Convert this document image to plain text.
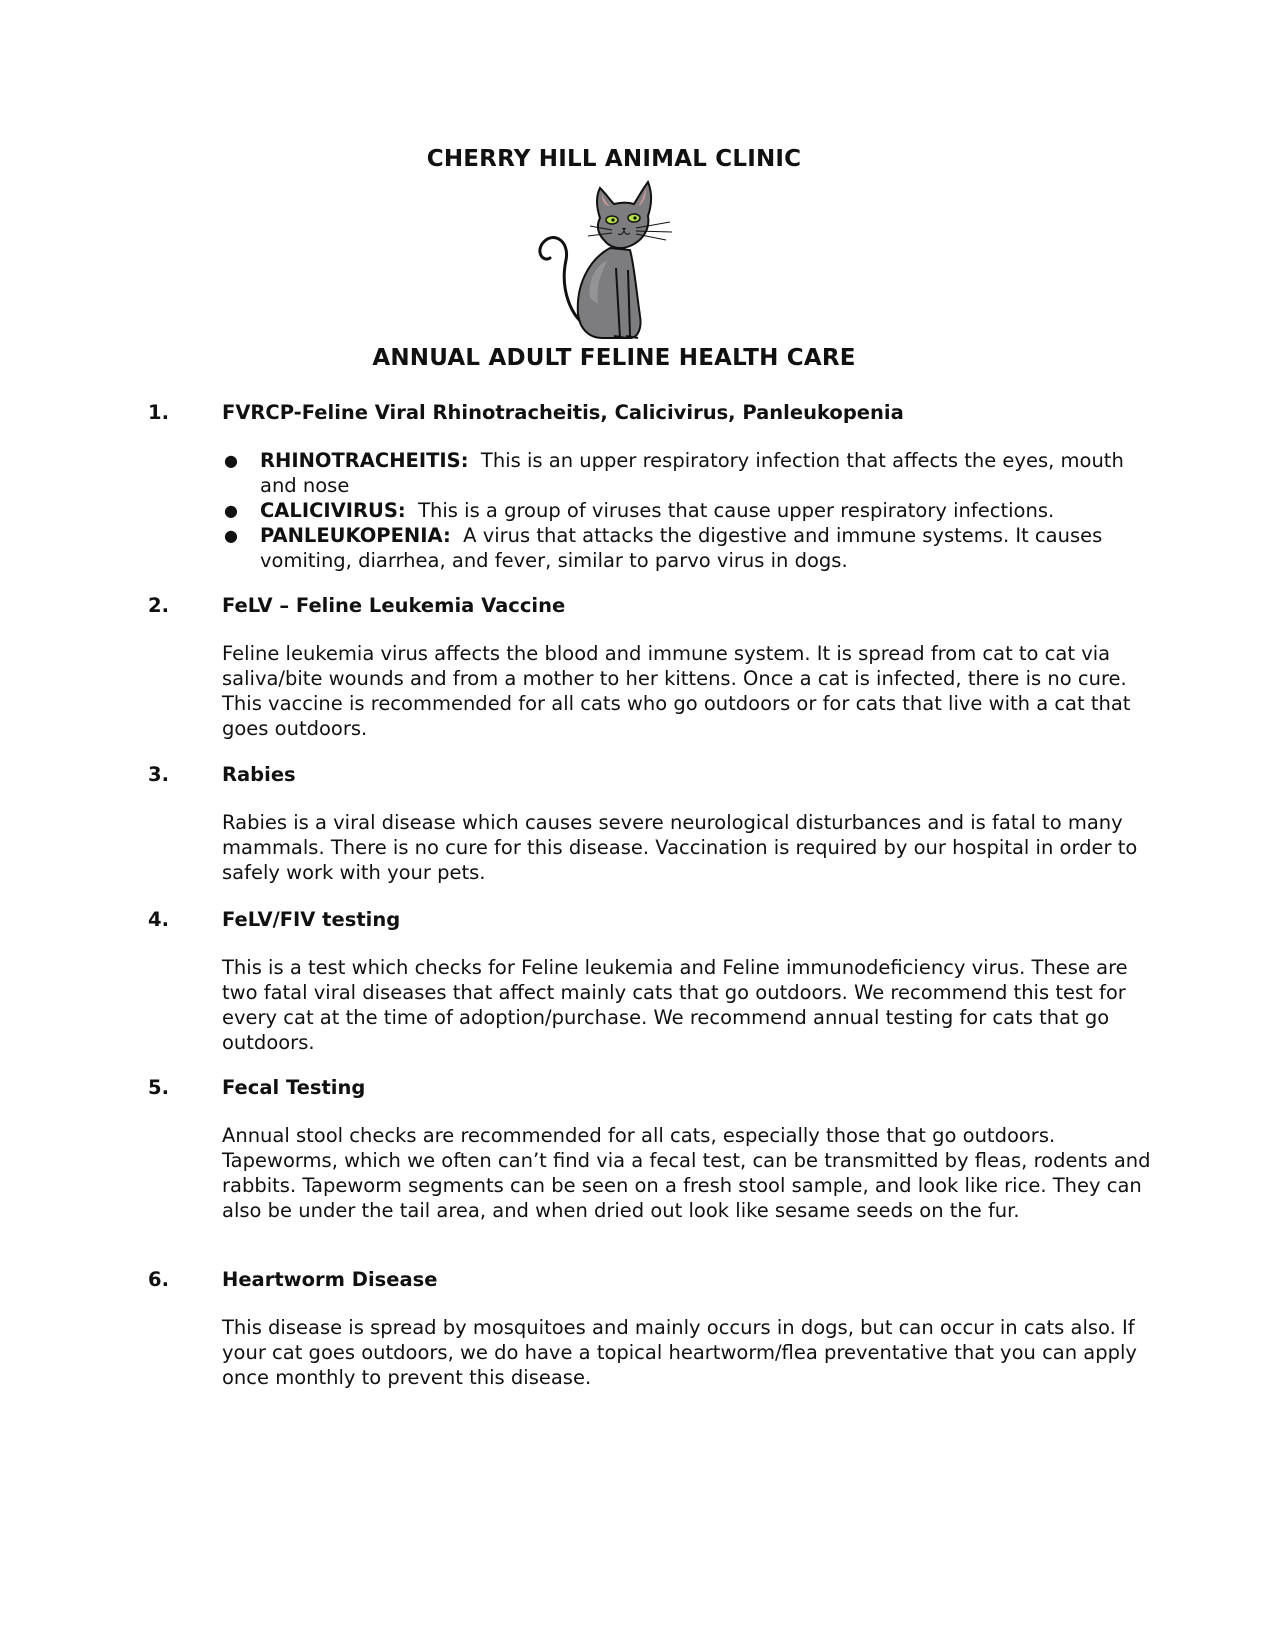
CHERRY HILL ANIMAL CLINIC
ANNUAL ADULT FELINE HEALTH CARE
1.	FVRCP-Feline Viral Rhinotracheitis, Calicivirus, Panleukopenia
● RHINOTRACHEITIS: This is an upper respiratory infection that affects the eyes, mouth and nose
● CALICIVIRUS: This is a group of viruses that cause upper respiratory infections.
● PANLEUKOPENIA: A virus that attacks the digestive and immune systems. It causes vomiting, diarrhea, and fever, similar to parvo virus in dogs.
2.	FeLV – Feline Leukemia Vaccine

Feline leukemia virus affects the blood and immune system. It is spread from cat to cat via saliva/bite wounds and from a mother to her kittens. Once a cat is infected, there is no cure. This vaccine is recommended for all cats who go outdoors or for cats that live with a cat that goes outdoors.

3.	Rabies

Rabies is a viral disease which causes severe neurological disturbances and is fatal to many mammals. There is no cure for this disease. Vaccination is required by our hospital in order to safely work with your pets.

4.	FeLV/FIV testing

This is a test which checks for Feline leukemia and Feline immunodeficiency virus. These are two fatal viral diseases that affect mainly cats that go outdoors. We recommend this test for every cat at the time of adoption/purchase. We recommend annual testing for cats that go outdoors.

5.	Fecal Testing

Annual stool checks are recommended for all cats, especially those that go outdoors. Tapeworms, which we often can’t find via a fecal test, can be transmitted by fleas, rodents and rabbits. Tapeworm segments can be seen on a fresh stool sample, and look like rice. They can also be under the tail area, and when dried out look like sesame seeds on the fur.

6.	Heartworm Disease

This disease is spread by mosquitoes and mainly occurs in dogs, but can occur in cats also. If your cat goes outdoors, we do have a topical heartworm/flea preventative that you can apply once monthly to prevent this disease.
